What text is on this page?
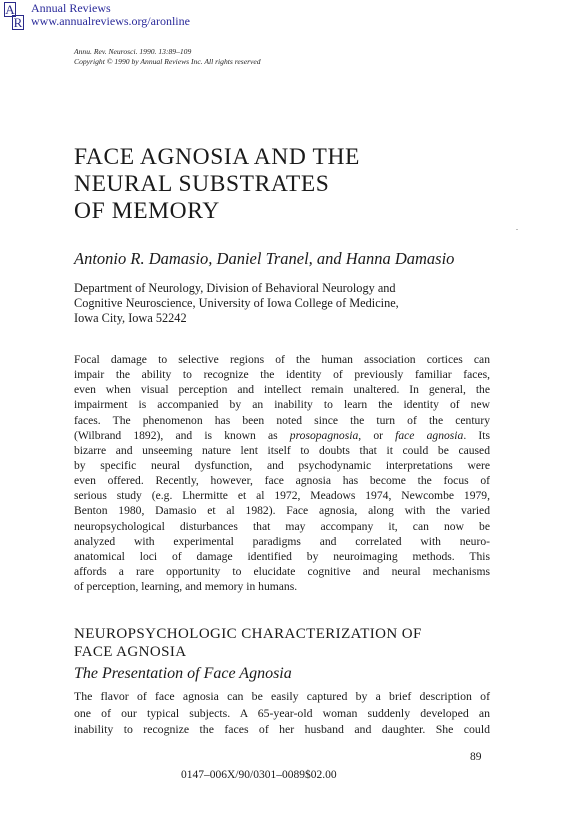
A
R
Annual Reviews
www.annualreviews.org/aronline
Annu. Rev. Neurosci. 1990. 13:89–109
Copyright © 1990 by Annual Reviews Inc. All rights reserved
FACE AGNOSIA AND THE
NEURAL SUBSTRATES
OF MEMORY
Antonio R. Damasio, Daniel Tranel, and Hanna Damasio
Department of Neurology, Division of Behavioral Neurology and
Cognitive Neuroscience, University of Iowa College of Medicine,
Iowa City, Iowa 52242
Focal damage to selective regions of the human association cortices can
impair the ability to recognize the identity of previously familiar faces,
even when visual perception and intellect remain unaltered. In general, the
impairment is accompanied by an inability to learn the identity of new
faces. The phenomenon has been noted since the turn of the century
(Wilbrand 1892), and is known as prosopagnosia, or face agnosia. Its
bizarre and unseeming nature lent itself to doubts that it could be caused
by specific neural dysfunction, and psychodynamic interpretations were
even offered. Recently, however, face agnosia has become the focus of
serious study (e.g. Lhermitte et al 1972, Meadows 1974, Newcombe 1979,
Benton 1980, Damasio et al 1982). Face agnosia, along with the varied
neuropsychological disturbances that may accompany it, can now be
analyzed with experimental paradigms and correlated with neuro-
anatomical loci of damage identified by neuroimaging methods. This
affords a rare opportunity to elucidate cognitive and neural mechanisms
of perception, learning, and memory in humans.
NEUROPSYCHOLOGIC CHARACTERIZATION OF
FACE AGNOSIA
The Presentation of Face Agnosia
The flavor of face agnosia can be easily captured by a brief description of
one of our typical subjects. A 65-year-old woman suddenly developed an
inability to recognize the faces of her husband and daughter. She could
89
0147–006X/90/0301–0089$02.00
